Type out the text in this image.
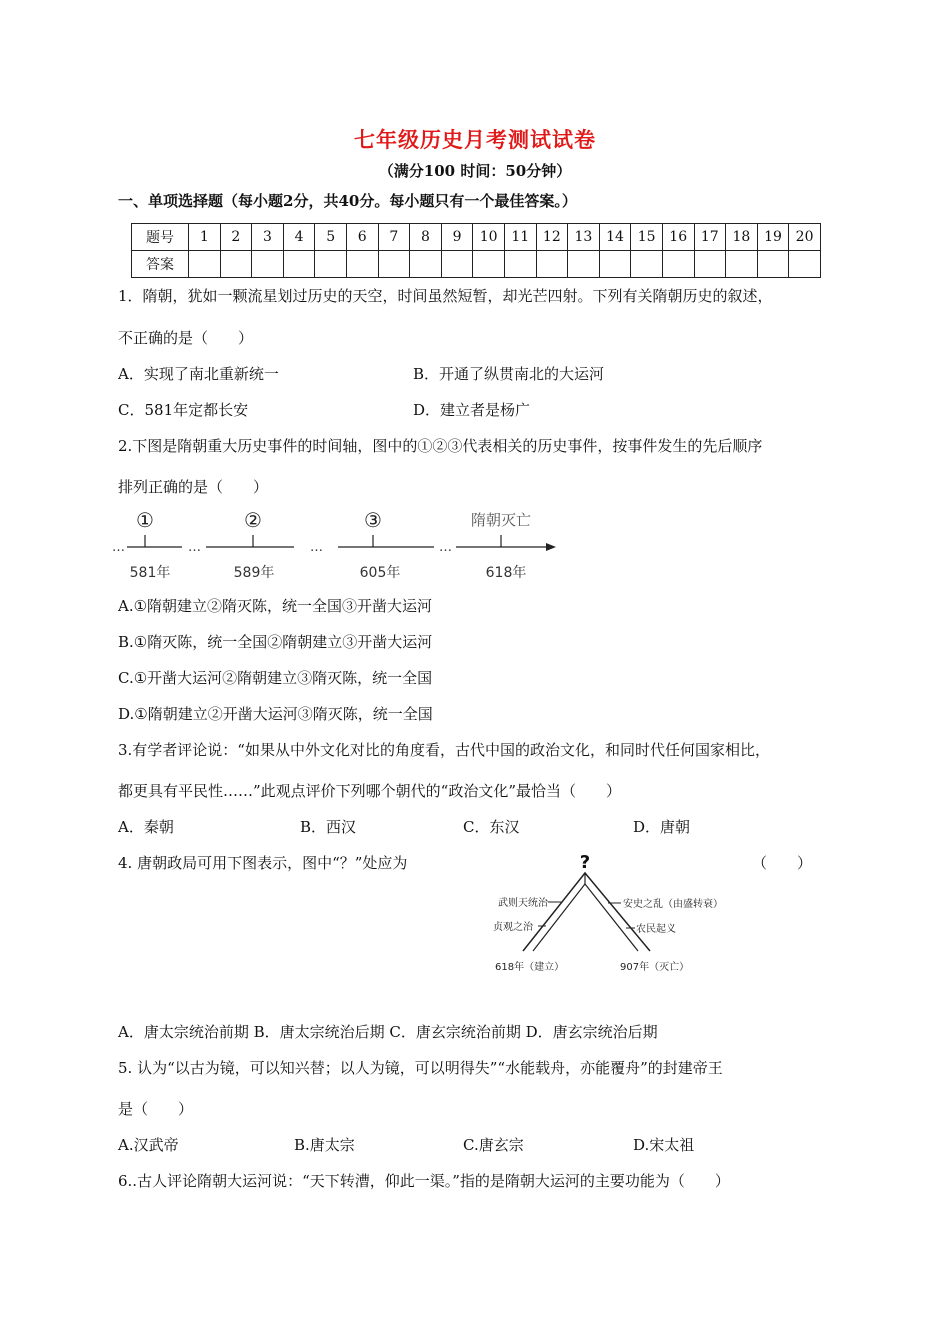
七年级历史月考测试试卷
（满分100 时间：50分钟）
一、单项选择题（每小题2分，共40分。每小题只有一个最佳答案。）
题号	1	2	3	4	5	6	7	8	9	10	11	12	13	14	15	16	17	18	19	20
答案																				
1．隋朝，犹如一颗流星划过历史的天空，时间虽然短暂，却光芒四射。下列有关隋朝历史的叙述，
不正确的是（　　）
A．实现了南北重新统一	B．开通了纵贯南北的大运河
C．581年定都长安	D．建立者是杨广
2.下图是隋朝重大历史事件的时间轴，图中的①②③代表相关的历史事件，按事件发生的先后顺序
排列正确的是（　　）
…	…	…	…
①	②	③	隋朝灭亡
581年	589年	605年	618年
A.①隋朝建立②隋灭陈，统一全国③开凿大运河
B.①隋灭陈，统一全国②隋朝建立③开凿大运河
C.①开凿大运河②隋朝建立③隋灭陈，统一全国
D.①隋朝建立②开凿大运河③隋灭陈，统一全国
3.有学者评论说：“如果从中外文化对比的角度看，古代中国的政治文化，和同时代任何国家相比，
都更具有平民性……”此观点评价下列哪个朝代的“政治文化”最恰当（　　）
A．秦朝	B．西汉	C．东汉	D．唐朝
4. 唐朝政局可用下图表示，图中“？”处应为	（　　）
?
武则天统治
贞观之治
安史之乱（由盛转衰）
农民起义
618年（建立）	907年（灭亡）
A．唐太宗统治前期 B．唐太宗统治后期 C．唐玄宗统治前期 D．唐玄宗统治后期
5. 认为“以古为镜，可以知兴替；以人为镜，可以明得失”“水能载舟，亦能覆舟”的封建帝王
是（　　）
A.汉武帝	B.唐太宗	C.唐玄宗	D.宋太祖
6..古人评论隋朝大运河说：“天下转漕，仰此一渠。”指的是隋朝大运河的主要功能为（　　）
